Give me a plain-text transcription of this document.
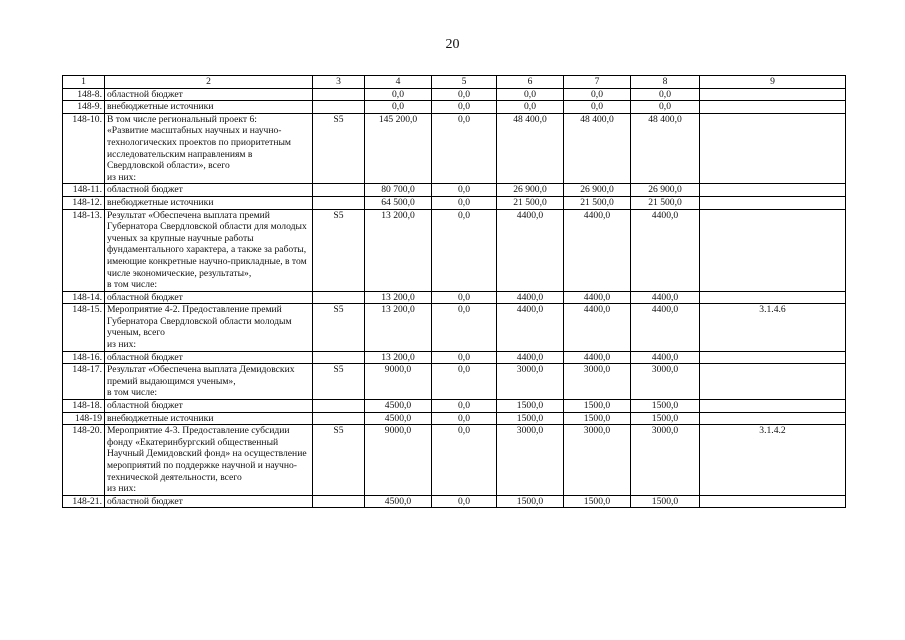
20
1	2	3	4	5	6	7	8	9
148-8.	областной бюджет		0,0	0,0	0,0	0,0	0,0	
148-9.	внебюджетные источники		0,0	0,0	0,0	0,0	0,0	
148-10.	В том числе региональный проект 6:
«Развитие масштабных научных и научно-технологических проектов по приоритетным исследовательским направлениям в Свердловской области», всего
из них:	S5	145 200,0	0,0	48 400,0	48 400,0	48 400,0	
148-11.	областной бюджет		80 700,0	0,0	26 900,0	26 900,0	26 900,0	
148-12.	внебюджетные источники		64 500,0	0,0	21 500,0	21 500,0	21 500,0	
148-13.	Результат «Обеспечена выплата премий Губернатора Свердловской области для молодых ученых за крупные научные работы фундаментального характера, а также за работы, имеющие конкретные научно-прикладные, в том числе экономические, результаты»,
в том числе:	S5	13 200,0	0,0	4400,0	4400,0	4400,0	
148-14.	областной бюджет		13 200,0	0,0	4400,0	4400,0	4400,0	
148-15.	Мероприятие 4-2. Предоставление премий Губернатора Свердловской области молодым ученым, всего
из них:	S5	13 200,0	0,0	4400,0	4400,0	4400,0	3.1.4.6
148-16.	областной бюджет		13 200,0	0,0	4400,0	4400,0	4400,0	
148-17.	Результат «Обеспечена выплата Демидовских премий выдающимся ученым»,
в том числе:	S5	9000,0	0,0	3000,0	3000,0	3000,0	
148-18.	областной бюджет		4500,0	0,0	1500,0	1500,0	1500,0	
148-19	внебюджетные источники		4500,0	0,0	1500,0	1500,0	1500,0	
148-20.	Мероприятие 4-3. Предоставление субсидии фонду «Екатеринбургский общественный Научный Демидовский фонд» на осуществление мероприятий по поддержке научной и научно-технической деятельности, всего
из них:	S5	9000,0	0,0	3000,0	3000,0	3000,0	3.1.4.2
148-21.	областной бюджет		4500,0	0,0	1500,0	1500,0	1500,0	
